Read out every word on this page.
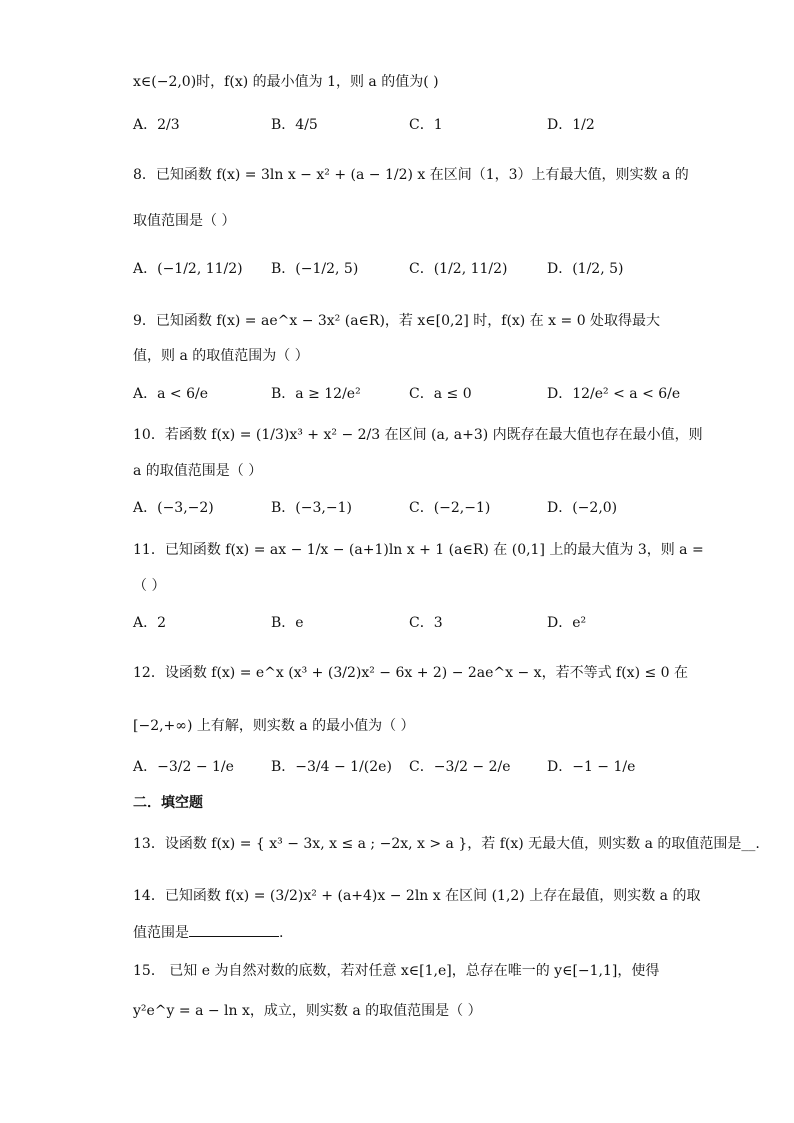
x∈(−2,0)时，f(x) 的最小值为 1，则 a 的值为( )
A．2/3	B．4/5	C．1	D．1/2
8．已知函数 f(x) = 3ln x − x² + (a − 1/2) x 在区间（1，3）上有最大值，则实数 a 的
取值范围是（ ）
A．(−1/2, 11/2) B．(−1/2, 5)	C．(1/2, 11/2)	D．(1/2, 5)
9．已知函数 f(x) = ae^x − 3x² (a∈R)，若 x∈[0,2] 时，f(x) 在 x = 0 处取得最大
值，则 a 的取值范围为（ ）
A．a < 6/e	B．a ≥ 12/e²	C．a ≤ 0	D．12/e² < a < 6/e
10．若函数 f(x) = (1/3)x³ + x² − 2/3 在区间 (a, a+3) 内既存在最大值也存在最小值，则
a 的取值范围是（ ）
A．(−3,−2)	B．(−3,−1)	C．(−2,−1)	D．(−2,0)
11．已知函数 f(x) = ax − 1/x − (a+1)ln x + 1 (a∈R) 在 (0,1] 上的最大值为 3，则 a =
（ ）
A．2	B．e	C．3	D．e²
12．设函数 f(x) = e^x (x³ + (3/2)x² − 6x + 2) − 2ae^x − x，若不等式 f(x) ≤ 0 在
[−2,+∞) 上有解，则实数 a 的最小值为（ ）
A．−3/2 − 1/e	B．−3/4 − 1/(2e) C．−3/2 − 2/e	D．−1 − 1/e
二．填空题
13．设函数 f(x) = { x³ − 3x, x ≤ a ; −2x, x > a }，若 f(x) 无最大值，则实数 a 的取值范围是__.
14．已知函数 f(x) = (3/2)x² + (a+4)x − 2ln x 在区间 (1,2) 上存在最值，则实数 a 的取
值范围是	.
15． 已知 e 为自然对数的底数，若对任意 x∈[1,e]，总存在唯一的 y∈[−1,1]，使得
y²e^y = a − ln x，成立，则实数 a 的取值范围是（ ）
